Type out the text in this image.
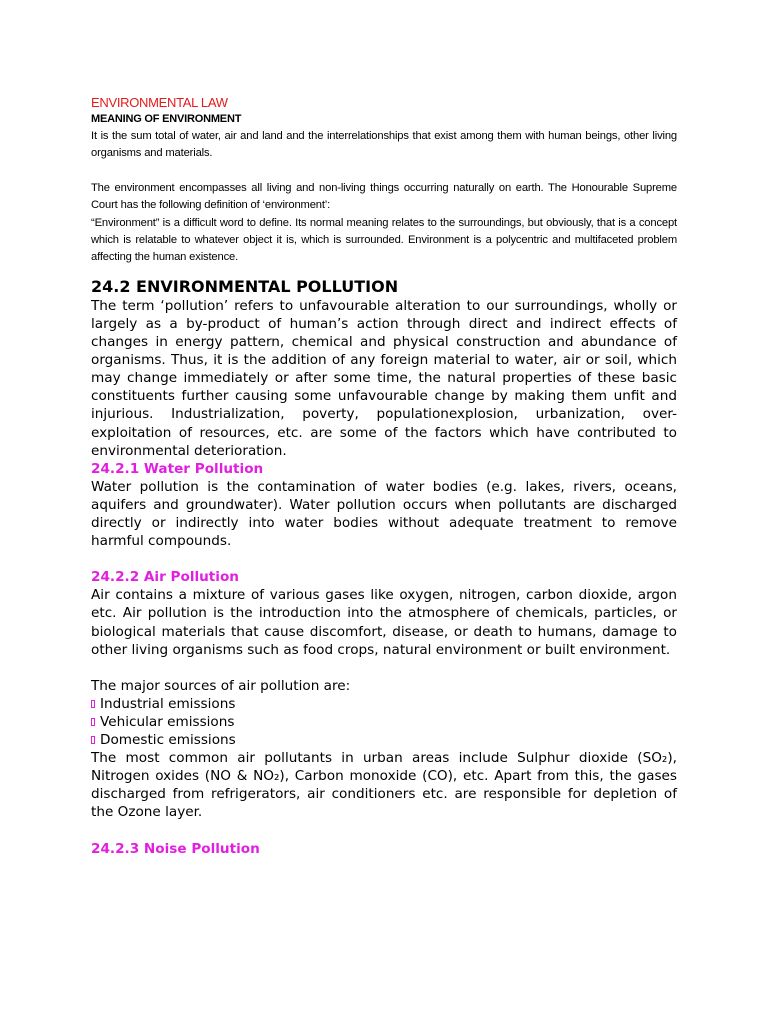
ENVIRONMENTAL LAW

MEANING OF ENVIRONMENT

It is the sum total of water, air and land and the interrelationships that exist among them with human beings, other living organisms and materials.

The environment encompasses all living and non-living things occurring naturally on earth. The Honourable Supreme Court has the following definition of ‘environment’:

“Environment” is a difficult word to define. Its normal meaning relates to the surroundings, but obviously, that is a concept which is relatable to whatever object it is, which is surrounded. Environment is a polycentric and multifaceted problem affecting the human existence.

24.2 ENVIRONMENTAL POLLUTION

The term ‘pollution’ refers to unfavourable alteration to our surroundings, wholly or largely as a by-product of human’s action through direct and indirect effects of changes in energy pattern, chemical and physical construction and abundance of organisms. Thus, it is the addition of any foreign material to water, air or soil, which may change immediately or after some time, the natural properties of these basic constituents further causing some unfavourable change by making them unfit and injurious. Industrialization, poverty, populationexplosion, urbanization, over-exploitation of resources, etc. are some of the factors which have contributed to environmental deterioration.

24.2.1 Water Pollution

Water pollution is the contamination of water bodies (e.g. lakes, rivers, oceans, aquifers and groundwater). Water pollution occurs when pollutants are discharged directly or indirectly into water bodies without adequate treatment to remove harmful compounds.

24.2.2 Air Pollution

Air contains a mixture of various gases like oxygen, nitrogen, carbon dioxide, argon etc. Air pollution is the introduction into the atmosphere of chemicals, particles, or biological materials that cause discomfort, disease, or death to humans, damage to other living organisms such as food crops, natural environment or built environment.

The major sources of air pollution are:

Industrial emissions
Vehicular emissions
Domestic emissions

The most common air pollutants in urban areas include Sulphur dioxide (SO₂), Nitrogen oxides (NO & NO₂), Carbon monoxide (CO), etc. Apart from this, the gases discharged from refrigerators, air conditioners etc. are responsible for depletion of the Ozone layer.

24.2.3 Noise Pollution
